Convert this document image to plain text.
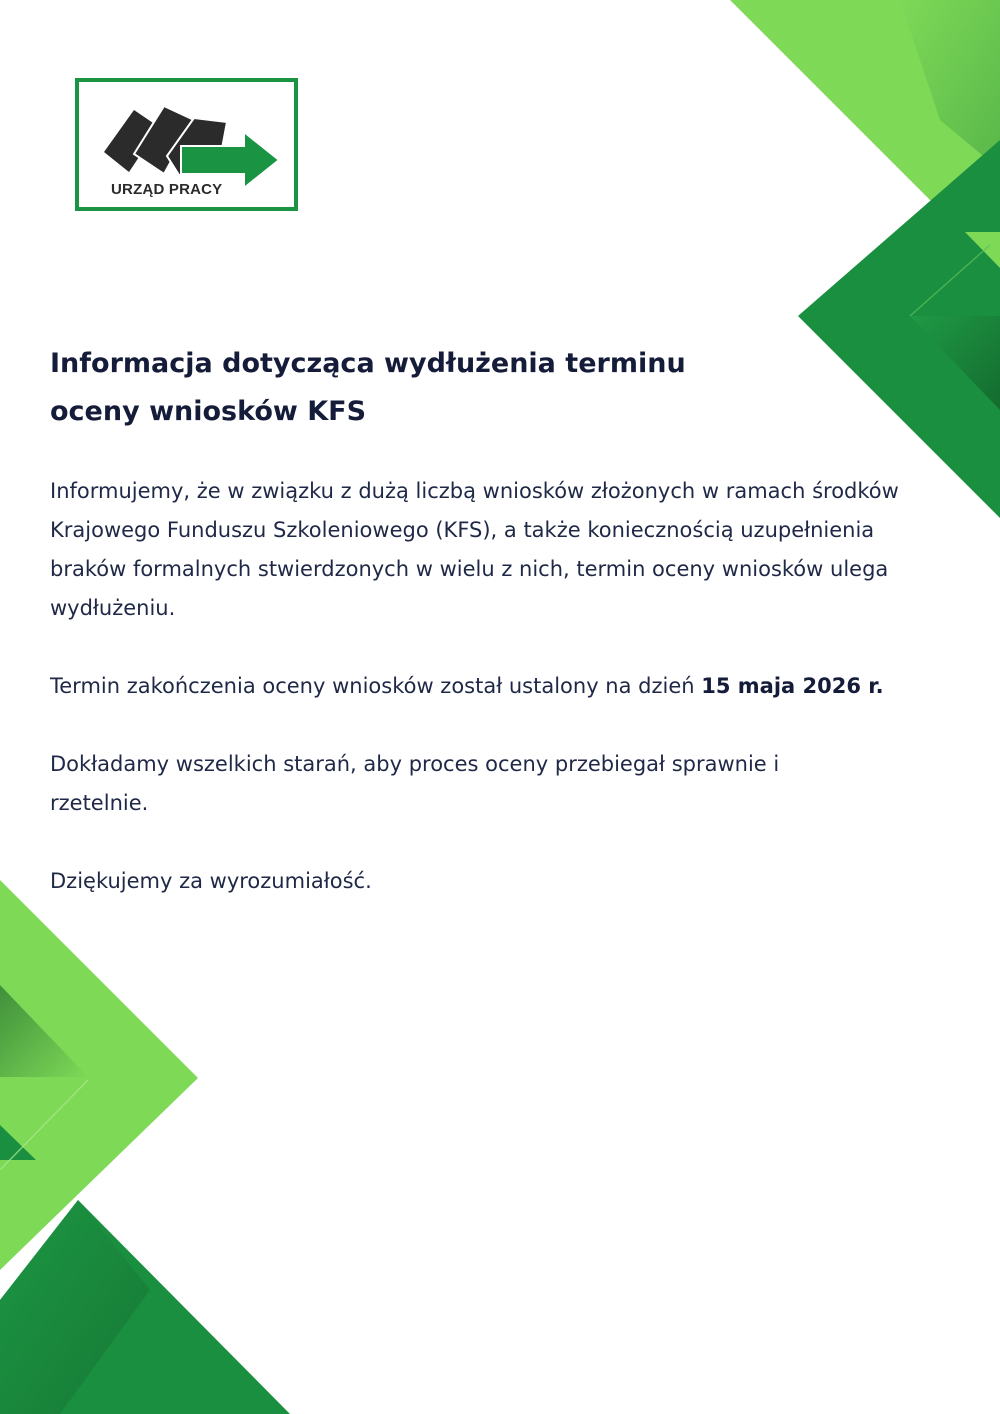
URZĄD PRACY
Informacja dotycząca wydłużenia terminu oceny wniosków KFS

Informujemy, że w związku z dużą liczbą wniosków złożonych w ramach środków Krajowego Funduszu Szkoleniowego (KFS), a także koniecznością uzupełnienia braków formalnych stwierdzonych w wielu z nich, termin oceny wniosków ulega wydłużeniu.

Termin zakończenia oceny wniosków został ustalony na dzień 15 maja 2026 r.

Dokładamy wszelkich starań, aby proces oceny przebiegał sprawnie i rzetelnie.

Dziękujemy za wyrozumiałość.
